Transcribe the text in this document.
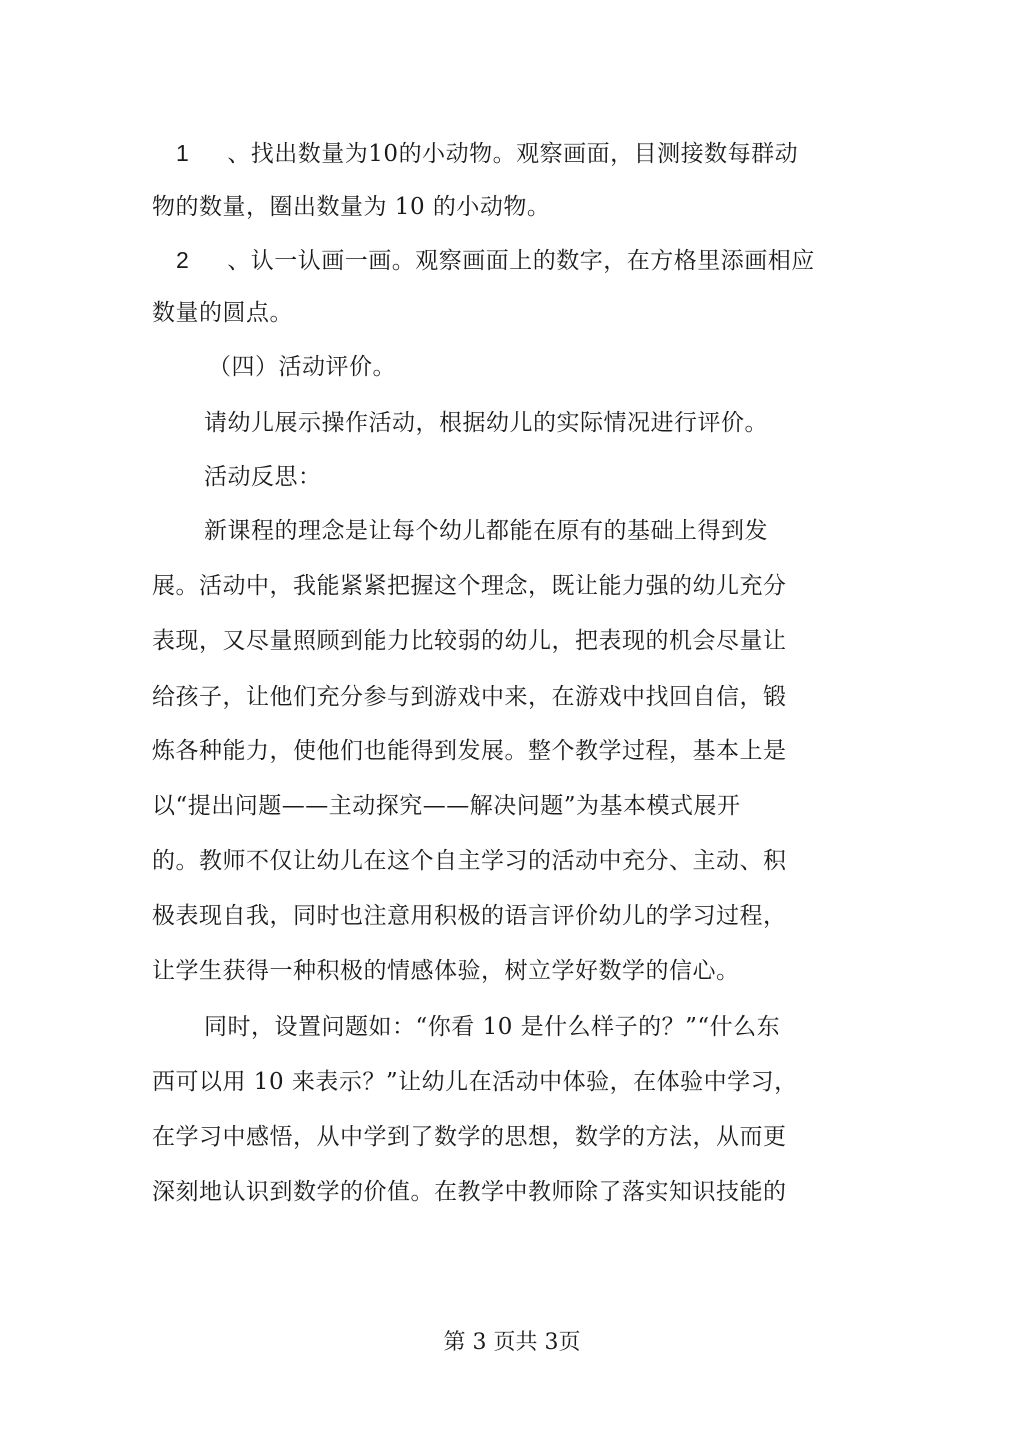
1 、找出数量为10的小动物。观察画面，目测接数每群动
物的数量，圈出数量为 10 的小动物。
2 、认一认画一画。观察画面上的数字，在方格里添画相应
数量的圆点。
（四）活动评价。
请幼儿展示操作活动，根据幼儿的实际情况进行评价。
活动反思：
新课程的理念是让每个幼儿都能在原有的基础上得到发
展。活动中，我能紧紧把握这个理念，既让能力强的幼儿充分
表现，又尽量照顾到能力比较弱的幼儿，把表现的机会尽量让
给孩子，让他们充分参与到游戏中来，在游戏中找回自信，锻
炼各种能力，使他们也能得到发展。整个教学过程，基本上是
以“提出问题——主动探究——解决问题”为基本模式展开
的。教师不仅让幼儿在这个自主学习的活动中充分、主动、积
极表现自我，同时也注意用积极的语言评价幼儿的学习过程，
让学生获得一种积极的情感体验，树立学好数学的信心。
同时，设置问题如：“你看 10 是什么样子的？”“什么东
西可以用 10 来表示？”让幼儿在活动中体验，在体验中学习，
在学习中感悟，从中学到了数学的思想，数学的方法，从而更
深刻地认识到数学的价值。在教学中教师除了落实知识技能的
第 3 页共 3页
